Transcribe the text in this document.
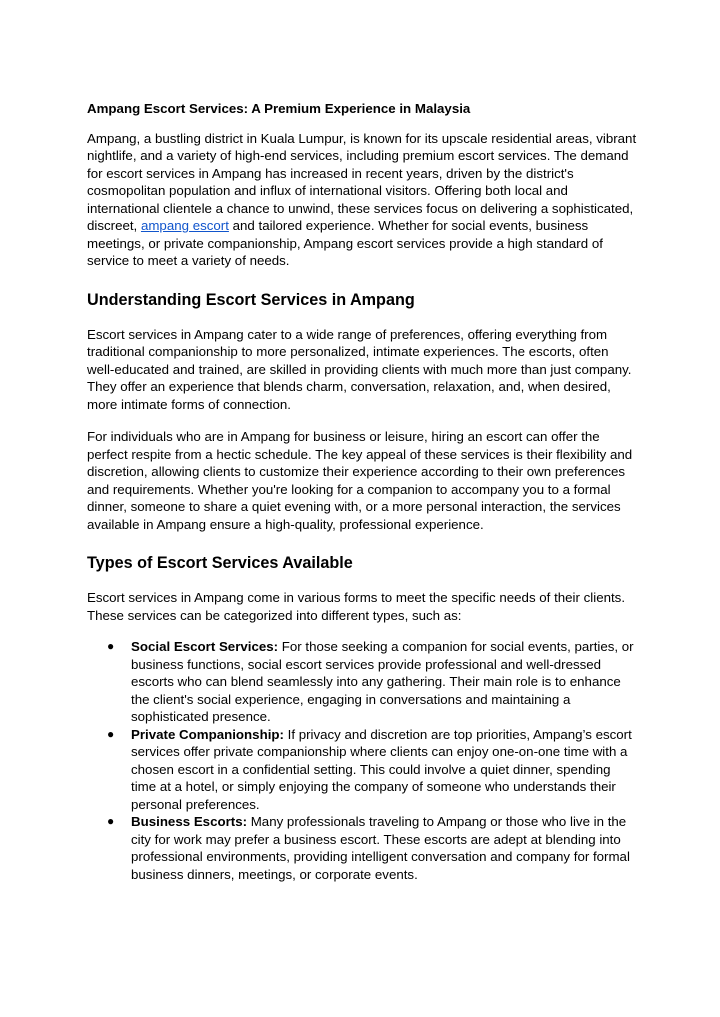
Ampang Escort Services: A Premium Experience in Malaysia

Ampang, a bustling district in Kuala Lumpur, is known for its upscale residential areas, vibrant nightlife, and a variety of high-end services, including premium escort services. The demand for escort services in Ampang has increased in recent years, driven by the district's cosmopolitan population and influx of international visitors. Offering both local and international clientele a chance to unwind, these services focus on delivering a sophisticated, discreet, ampang escort and tailored experience. Whether for social events, business meetings, or private companionship, Ampang escort services provide a high standard of service to meet a variety of needs.

Understanding Escort Services in Ampang

Escort services in Ampang cater to a wide range of preferences, offering everything from traditional companionship to more personalized, intimate experiences. The escorts, often well-educated and trained, are skilled in providing clients with much more than just company. They offer an experience that blends charm, conversation, relaxation, and, when desired, more intimate forms of connection.

For individuals who are in Ampang for business or leisure, hiring an escort can offer the perfect respite from a hectic schedule. The key appeal of these services is their flexibility and discretion, allowing clients to customize their experience according to their own preferences and requirements. Whether you're looking for a companion to accompany you to a formal dinner, someone to share a quiet evening with, or a more personal interaction, the services available in Ampang ensure a high-quality, professional experience.

Types of Escort Services Available

Escort services in Ampang come in various forms to meet the specific needs of their clients. These services can be categorized into different types, such as:

● Social Escort Services: For those seeking a companion for social events, parties, or business functions, social escort services provide professional and well-dressed escorts who can blend seamlessly into any gathering. Their main role is to enhance the client's social experience, engaging in conversations and maintaining a sophisticated presence.
● Private Companionship: If privacy and discretion are top priorities, Ampang’s escort services offer private companionship where clients can enjoy one-on-one time with a chosen escort in a confidential setting. This could involve a quiet dinner, spending time at a hotel, or simply enjoying the company of someone who understands their personal preferences.
● Business Escorts: Many professionals traveling to Ampang or those who live in the city for work may prefer a business escort. These escorts are adept at blending into professional environments, providing intelligent conversation and company for formal business dinners, meetings, or corporate events.
